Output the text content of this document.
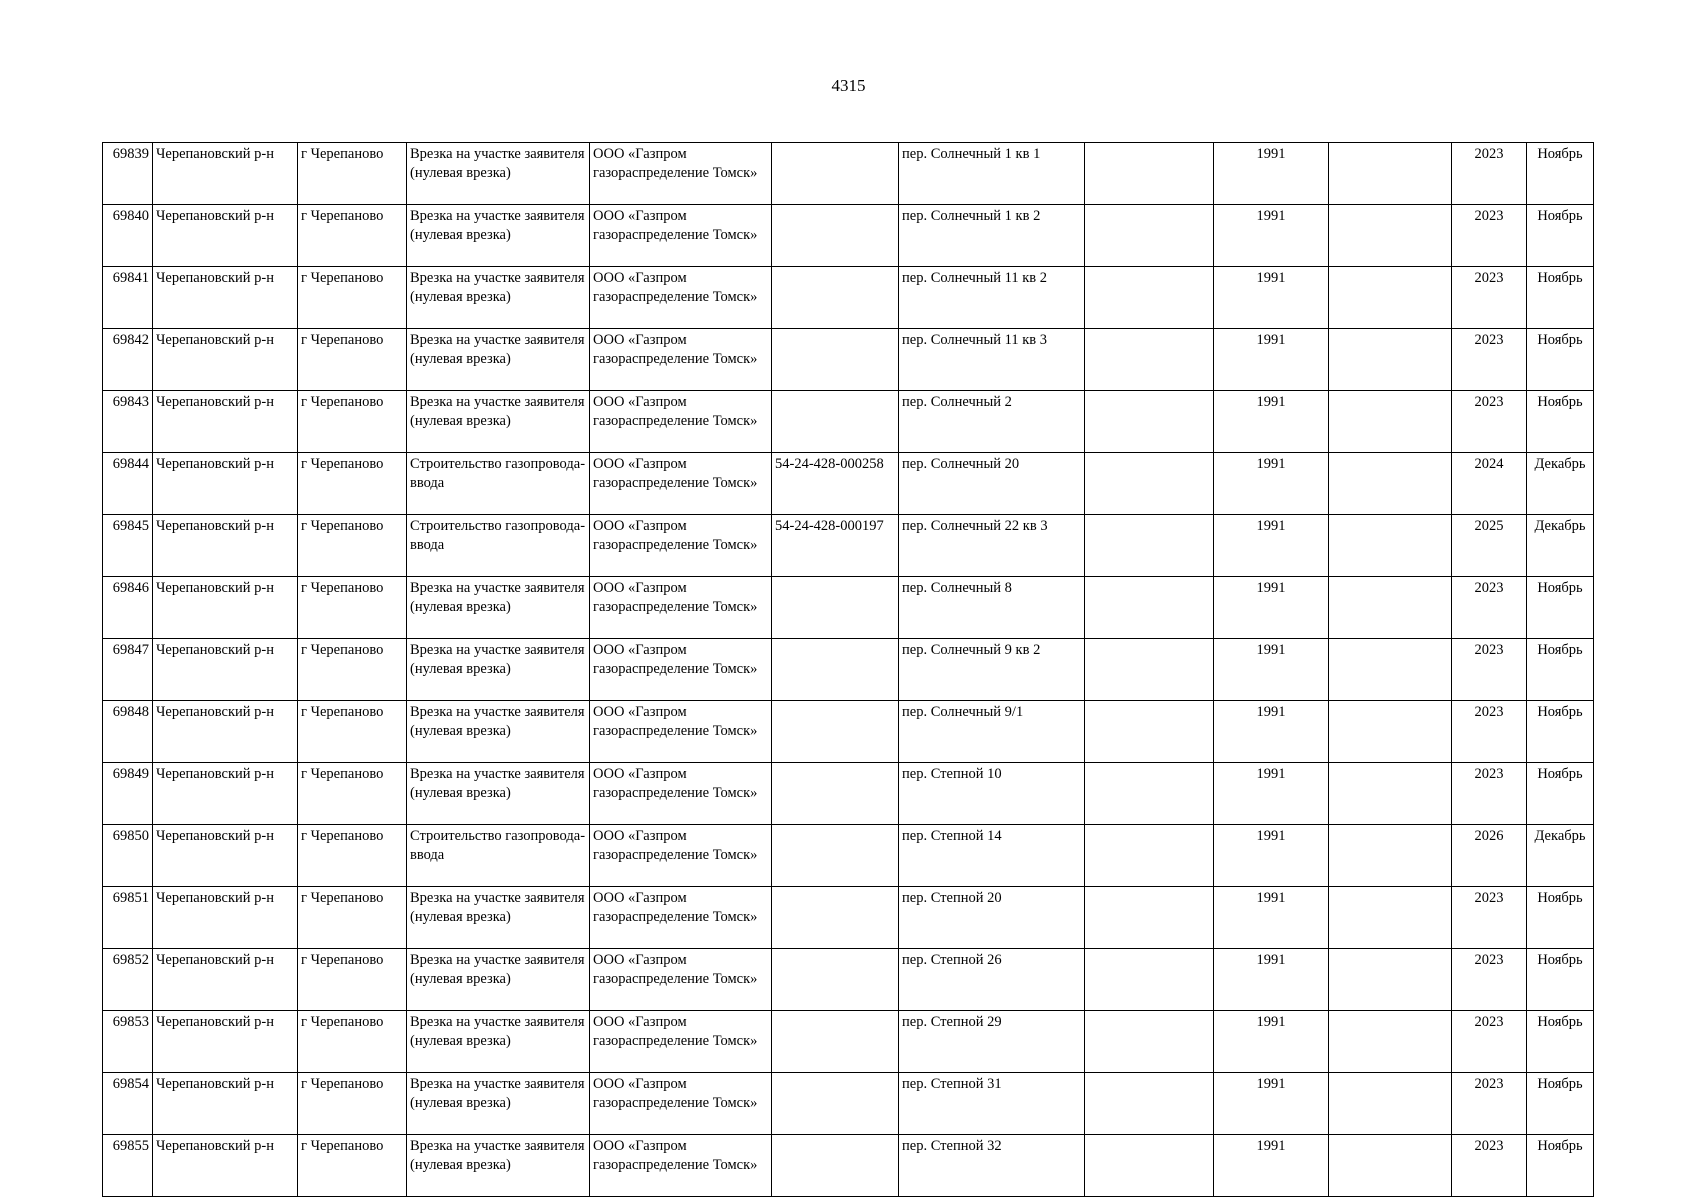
4315
69839	Черепановский р-н	г Черепаново	Врезка на участке заявителя (нулевая врезка)	ООО «Газпром газораспределение Томск»		пер. Солнечный 1 кв 1		1991		2023	Ноябрь
69840	Черепановский р-н	г Черепаново	Врезка на участке заявителя (нулевая врезка)	ООО «Газпром газораспределение Томск»		пер. Солнечный 1 кв 2		1991		2023	Ноябрь
69841	Черепановский р-н	г Черепаново	Врезка на участке заявителя (нулевая врезка)	ООО «Газпром газораспределение Томск»		пер. Солнечный 11 кв 2		1991		2023	Ноябрь
69842	Черепановский р-н	г Черепаново	Врезка на участке заявителя (нулевая врезка)	ООО «Газпром газораспределение Томск»		пер. Солнечный 11 кв 3		1991		2023	Ноябрь
69843	Черепановский р-н	г Черепаново	Врезка на участке заявителя (нулевая врезка)	ООО «Газпром газораспределение Томск»		пер. Солнечный 2		1991		2023	Ноябрь
69844	Черепановский р-н	г Черепаново	Строительство газопровода-ввода	ООО «Газпром газораспределение Томск»	54-24-428-000258	пер. Солнечный 20		1991		2024	Декабрь
69845	Черепановский р-н	г Черепаново	Строительство газопровода-ввода	ООО «Газпром газораспределение Томск»	54-24-428-000197	пер. Солнечный 22 кв 3		1991		2025	Декабрь
69846	Черепановский р-н	г Черепаново	Врезка на участке заявителя (нулевая врезка)	ООО «Газпром газораспределение Томск»		пер. Солнечный 8		1991		2023	Ноябрь
69847	Черепановский р-н	г Черепаново	Врезка на участке заявителя (нулевая врезка)	ООО «Газпром газораспределение Томск»		пер. Солнечный 9 кв 2		1991		2023	Ноябрь
69848	Черепановский р-н	г Черепаново	Врезка на участке заявителя (нулевая врезка)	ООО «Газпром газораспределение Томск»		пер. Солнечный 9/1		1991		2023	Ноябрь
69849	Черепановский р-н	г Черепаново	Врезка на участке заявителя (нулевая врезка)	ООО «Газпром газораспределение Томск»		пер. Степной 10		1991		2023	Ноябрь
69850	Черепановский р-н	г Черепаново	Строительство газопровода-ввода	ООО «Газпром газораспределение Томск»		пер. Степной 14		1991		2026	Декабрь
69851	Черепановский р-н	г Черепаново	Врезка на участке заявителя (нулевая врезка)	ООО «Газпром газораспределение Томск»		пер. Степной 20		1991		2023	Ноябрь
69852	Черепановский р-н	г Черепаново	Врезка на участке заявителя (нулевая врезка)	ООО «Газпром газораспределение Томск»		пер. Степной 26		1991		2023	Ноябрь
69853	Черепановский р-н	г Черепаново	Врезка на участке заявителя (нулевая врезка)	ООО «Газпром газораспределение Томск»		пер. Степной 29		1991		2023	Ноябрь
69854	Черепановский р-н	г Черепаново	Врезка на участке заявителя (нулевая врезка)	ООО «Газпром газораспределение Томск»		пер. Степной 31		1991		2023	Ноябрь
69855	Черепановский р-н	г Черепаново	Врезка на участке заявителя (нулевая врезка)	ООО «Газпром газораспределение Томск»		пер. Степной 32		1991		2023	Ноябрь
